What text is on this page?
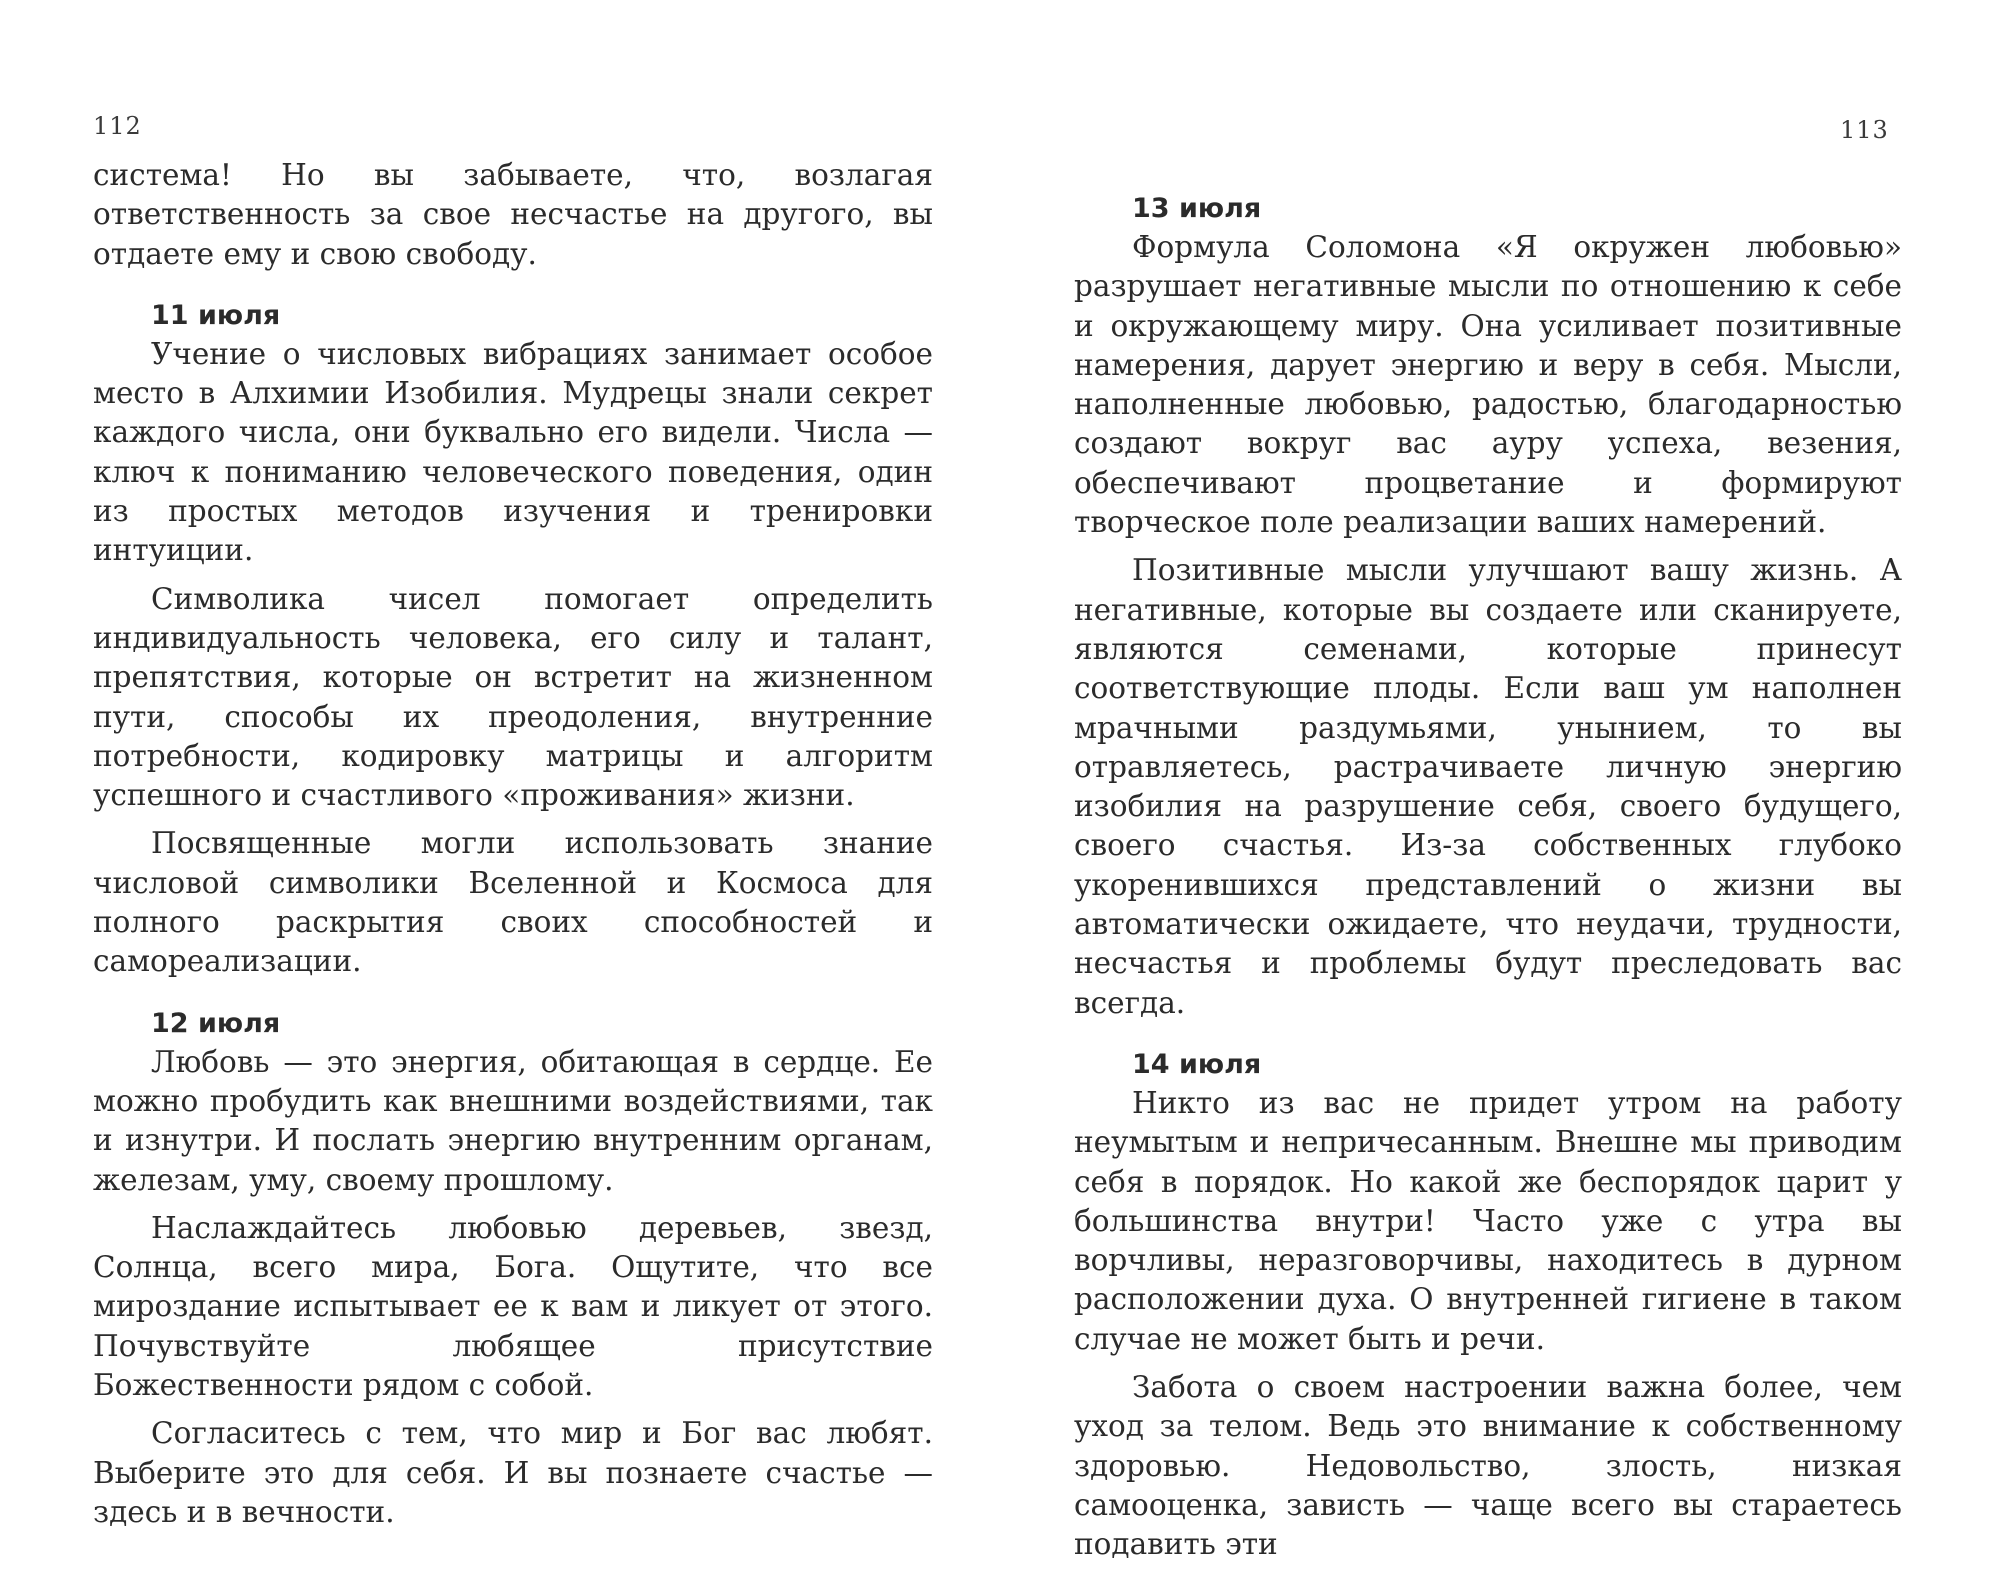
112	113

система! Но вы забываете, что, возлагая ответственность за свое несчастье на другого, вы отдаете ему и свою свободу.

11 июля

Учение о числовых вибрациях занимает особое место в Алхимии Изобилия. Мудрецы знали секрет каждого числа, они буквально его видели. Числа — ключ к пониманию человеческого поведения, один из простых методов изучения и тренировки интуиции.

Символика чисел помогает определить индивидуальность человека, его силу и талант, препятствия, которые он встретит на жизненном пути, способы их преодоления, внутренние потребности, кодировку матрицы и алгоритм успешного и счастливого «проживания» жизни.

Посвященные могли использовать знание числовой символики Вселенной и Космоса для полного раскрытия своих способностей и самореализации.

12 июля

Любовь — это энергия, обитающая в сердце. Ее можно пробудить как внешними воздействиями, так и изнутри. И послать энергию внутренним органам, железам, уму, своему прошлому.

Наслаждайтесь любовью деревьев, звезд, Солнца, всего мира, Бога. Ощутите, что все мироздание испытывает ее к вам и ликует от этого. Почувствуйте любящее присутствие Божественности рядом с собой.

Согласитесь с тем, что мир и Бог вас любят. Выберите это для себя. И вы познаете счастье — здесь и в вечности.

13 июля

Формула Соломона «Я окружен любовью» разрушает негативные мысли по отношению к себе и окружающему миру. Она усиливает позитивные намерения, дарует энергию и веру в себя. Мысли, наполненные любовью, радостью, благодарностью создают вокруг вас ауру успеха, везения, обеспечивают процветание и формируют творческое поле реализации ваших намерений.

Позитивные мысли улучшают вашу жизнь. А негативные, которые вы создаете или сканируете, являются семенами, которые принесут соответствующие плоды. Если ваш ум наполнен мрачными раздумьями, унынием, то вы отравляетесь, растрачиваете личную энергию изобилия на разрушение себя, своего будущего, своего счастья. Из-за собственных глубоко укоренившихся представлений о жизни вы автоматически ожидаете, что неудачи, трудности, несчастья и проблемы будут преследовать вас всегда.

14 июля

Никто из вас не придет утром на работу неумытым и непричесанным. Внешне мы приводим себя в порядок. Но какой же беспорядок царит у большинства внутри! Часто уже с утра вы ворчливы, неразговорчивы, находитесь в дурном расположении духа. О внутренней гигиене в таком случае не может быть и речи.

Забота о своем настроении важна более, чем уход за телом. Ведь это внимание к собственному здоровью. Недовольство, злость, низкая самооценка, зависть — чаще всего вы стараетесь подавить эти
